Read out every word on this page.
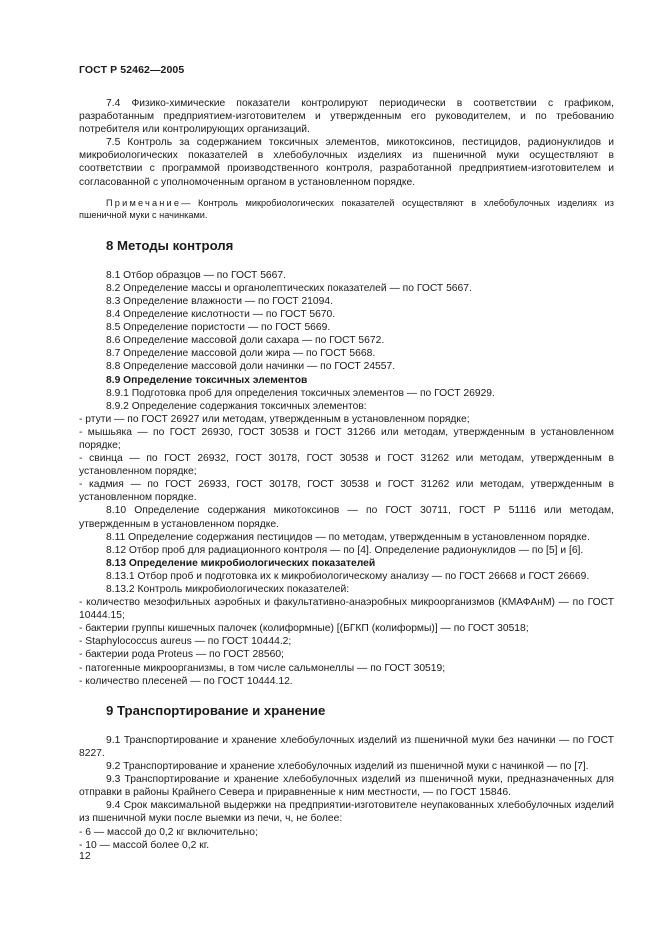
ГОСТ Р 52462—2005

7.4 Физико-химические показатели контролируют периодически в соответствии с графиком, разработанным предприятием-изготовителем и утвержденным его руководителем, и по требованию потребителя или контролирующих организаций.

7.5 Контроль за содержанием токсичных элементов, микотоксинов, пестицидов, радионуклидов и микробиологических показателей в хлебобулочных изделиях из пшеничной муки осуществляют в соответствии с программой производственного контроля, разработанной предприятием-изготовителем и согласованной с уполномоченным органом в установленном порядке.

Примечание— Контроль микробиологических показателей осуществляют в хлебобулочных изделиях из пшеничной муки с начинками.

8 Методы контроля

8.1 Отбор образцов — по ГОСТ 5667.

8.2 Определение массы и органолептических показателей — по ГОСТ 5667.

8.3 Определение влажности — по ГОСТ 21094.

8.4 Определение кислотности — по ГОСТ 5670.

8.5 Определение пористости — по ГОСТ 5669.

8.6 Определение массовой доли сахара — по ГОСТ 5672.

8.7 Определение массовой доли жира — по ГОСТ 5668.

8.8 Определение массовой доли начинки — по ГОСТ 24557.

8.9 Определение токсичных элементов

8.9.1 Подготовка проб для определения токсичных элементов — по ГОСТ 26929.

8.9.2 Определение содержания токсичных элементов:

- ртути — по ГОСТ 26927 или методам, утвержденным в установленном порядке;

- мышьяка — по ГОСТ 26930, ГОСТ 30538 и ГОСТ 31266 или методам, утвержденным в установленном порядке;

- свинца — по ГОСТ 26932, ГОСТ 30178, ГОСТ 30538 и ГОСТ 31262 или методам, утвержденным в установленном порядке;

- кадмия — по ГОСТ 26933, ГОСТ 30178, ГОСТ 30538 и ГОСТ 31262 или методам, утвержденным в установленном порядке.

8.10 Определение содержания микотоксинов — по ГОСТ 30711, ГОСТ Р 51116 или методам, утвержденным в установленном порядке.

8.11 Определение содержания пестицидов — по методам, утвержденным в установленном порядке.

8.12 Отбор проб для радиационного контроля — по [4]. Определение радионуклидов — по [5] и [6].

8.13 Определение микробиологических показателей

8.13.1 Отбор проб и подготовка их к микробиологическому анализу — по ГОСТ 26668 и ГОСТ 26669.

8.13.2 Контроль микробиологических показателей:

- количество мезофильных аэробных и факультативно-анаэробных микроорганизмов (КМАФАнМ) — по ГОСТ 10444.15;

- бактерии группы кишечных палочек (колиформные) [(БГКП (колиформы)] — по ГОСТ 30518;

- Staphylococcus aureus — по ГОСТ 10444.2;

- бактерии рода Proteus — по ГОСТ 28560;

- патогенные микроорганизмы, в том числе сальмонеллы — по ГОСТ 30519;

- количество плесеней — по ГОСТ 10444.12.

9 Транспортирование и хранение

9.1 Транспортирование и хранение хлебобулочных изделий из пшеничной муки без начинки — по ГОСТ 8227.

9.2 Транспортирование и хранение хлебобулочных изделий из пшеничной муки с начинкой — по [7].

9.3 Транспортирование и хранение хлебобулочных изделий из пшеничной муки, предназначенных для отправки в районы Крайнего Севера и приравненные к ним местности, — по ГОСТ 15846.

9.4 Срок максимальной выдержки на предприятии-изготовителе неупакованных хлебобулочных изделий из пшеничной муки после выемки из печи, ч, не более:

- 6 — массой до 0,2 кг включительно;

- 10 — массой более 0,2 кг.

12
